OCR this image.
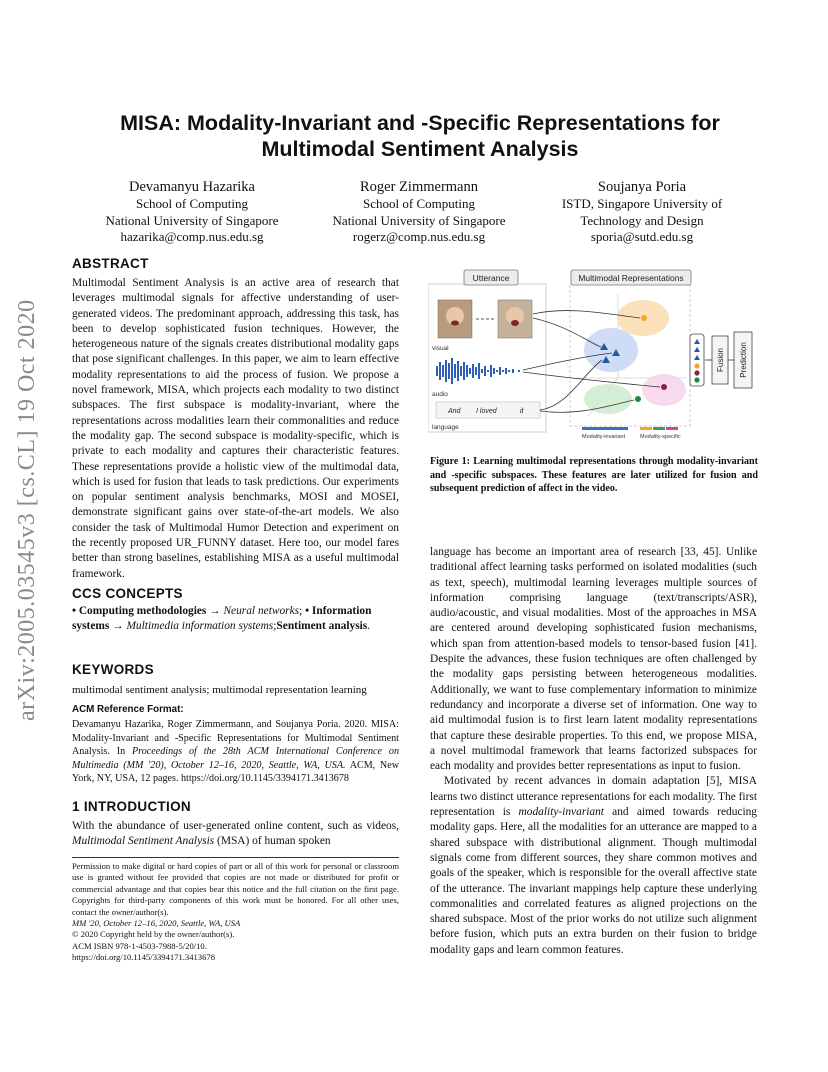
arXiv:2005.03545v3 [cs.CL] 19 Oct 2020
MISA: Modality-Invariant and -Specific Representations for
Multimodal Sentiment Analysis
Devamanyu Hazarika
School of Computing
National University of Singapore
hazarika@comp.nus.edu.sg
Roger Zimmermann
School of Computing
National University of Singapore
rogerz@comp.nus.edu.sg
Soujanya Poria
ISTD, Singapore University of
Technology and Design
sporia@sutd.edu.sg
ABSTRACT
Multimodal Sentiment Analysis is an active area of research that leverages multimodal signals for affective understanding of user-generated videos. The predominant approach, addressing this task, has been to develop sophisticated fusion techniques. However, the heterogeneous nature of the signals creates distributional modality gaps that pose significant challenges. In this paper, we aim to learn effective modality representations to aid the process of fusion. We propose a novel framework, MISA, which projects each modality to two distinct subspaces. The first subspace is modality-invariant, where the representations across modalities learn their commonalities and reduce the modality gap. The second subspace is modality-specific, which is private to each modality and captures their characteristic features. These representations provide a holistic view of the multimodal data, which is used for fusion that leads to task predictions. Our experiments on popular sentiment analysis benchmarks, MOSI and MOSEI, demonstrate significant gains over state-of-the-art models. We also consider the task of Multimodal Humor Detection and experiment on the recently proposed UR_FUNNY dataset. Here too, our model fares better than strong baselines, establishing MISA as a useful multimodal framework.
CCS CONCEPTS
• Computing methodologies → Neural networks; • Information systems → Multimedia information systems;Sentiment analysis.
KEYWORDS
multimodal sentiment analysis; multimodal representation learning
ACM Reference Format:
Devamanyu Hazarika, Roger Zimmermann, and Soujanya Poria. 2020. MISA: Modality-Invariant and -Specific Representations for Multimodal Sentiment Analysis. In Proceedings of the 28th ACM International Conference on Multimedia (MM '20), October 12–16, 2020, Seattle, WA, USA. ACM, New York, NY, USA, 12 pages. https://doi.org/10.1145/3394171.3413678
1 INTRODUCTION
With the abundance of user-generated online content, such as videos, Multimodal Sentiment Analysis (MSA) of human spoken
Permission to make digital or hard copies of part or all of this work for personal or classroom use is granted without fee provided that copies are not made or distributed for profit or commercial advantage and that copies bear this notice and the full citation on the first page. Copyrights for third-party components of this work must be honored. For all other uses, contact the owner/author(s).
MM '20, October 12–16, 2020, Seattle, WA, USA
© 2020 Copyright held by the owner/author(s).
ACM ISBN 978-1-4503-7988-5/20/10.
https://doi.org/10.1145/3394171.3413678
Utterance
visual
audio
And I loved	it
language
Multimodal Representations
Fusion Prediction
Modality-invariant	Modality-specific
Figure 1: Learning multimodal representations through modality-invariant and -specific subspaces. These features are later utilized for fusion and subsequent prediction of affect in the video.

language has become an important area of research [33, 45]. Unlike traditional affect learning tasks performed on isolated modalities (such as text, speech), multimodal learning leverages multiple sources of information comprising language (text/transcripts/ASR), audio/acoustic, and visual modalities. Most of the approaches in MSA are centered around developing sophisticated fusion mechanisms, which span from attention-based models to tensor-based fusion [41]. Despite the advances, these fusion techniques are often challenged by the modality gaps persisting between heterogeneous modalities. Additionally, we want to fuse complementary information to minimize redundancy and incorporate a diverse set of information. One way to aid multimodal fusion is to first learn latent modality representations that capture these desirable properties. To this end, we propose MISA, a novel multimodal framework that learns factorized subspaces for each modality and provides better representations as input to fusion.

Motivated by recent advances in domain adaptation [5], MISA learns two distinct utterance representations for each modality. The first representation is modality-invariant and aimed towards reducing modality gaps. Here, all the modalities for an utterance are mapped to a shared subspace with distributional alignment. Though multimodal signals come from different sources, they share common motives and goals of the speaker, which is responsible for the overall affective state of the utterance. The invariant mappings help capture these underlying commonalities and correlated features as aligned projections on the shared subspace. Most of the prior works do not utilize such alignment before fusion, which puts an extra burden on their fusion to bridge modality gaps and learn common features.
